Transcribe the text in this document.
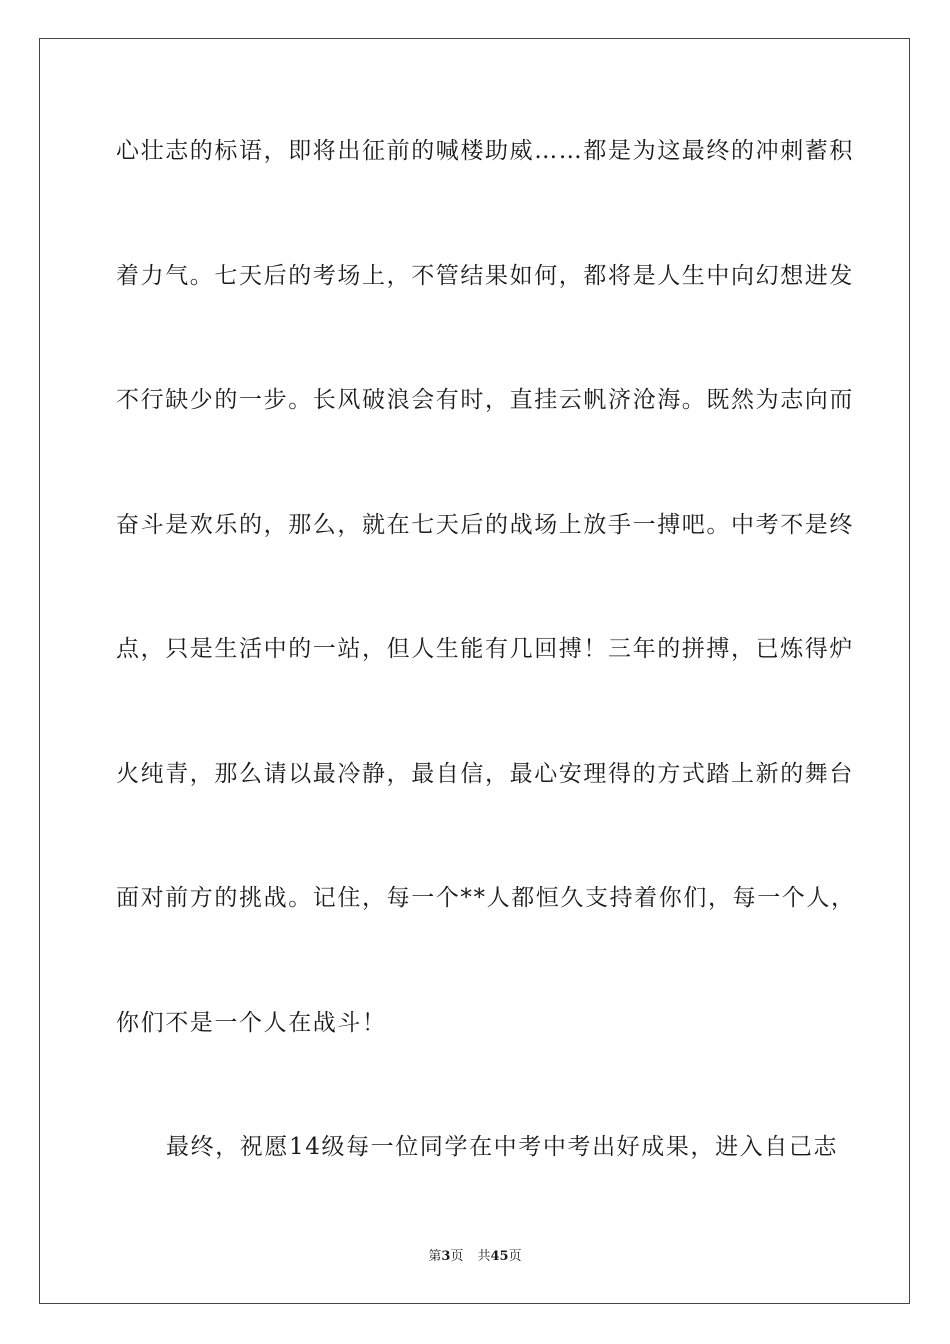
心壮志的标语，即将出征前的喊楼助威……都是为这最终的冲刺蓄积
着力气。七天后的考场上，不管结果如何，都将是人生中向幻想进发
不行缺少的一步。长风破浪会有时，直挂云帆济沧海。既然为志向而
奋斗是欢乐的，那么，就在七天后的战场上放手一搏吧。中考不是终
点，只是生活中的一站，但人生能有几回搏！三年的拼搏，已炼得炉
火纯青，那么请以最冷静，最自信，最心安理得的方式踏上新的舞台
面对前方的挑战。记住，每一个**人都恒久支持着你们，每一个人，
你们不是一个人在战斗！
最终，祝愿14级每一位同学在中考中考出好成果，进入自己志
第3页 共45页
